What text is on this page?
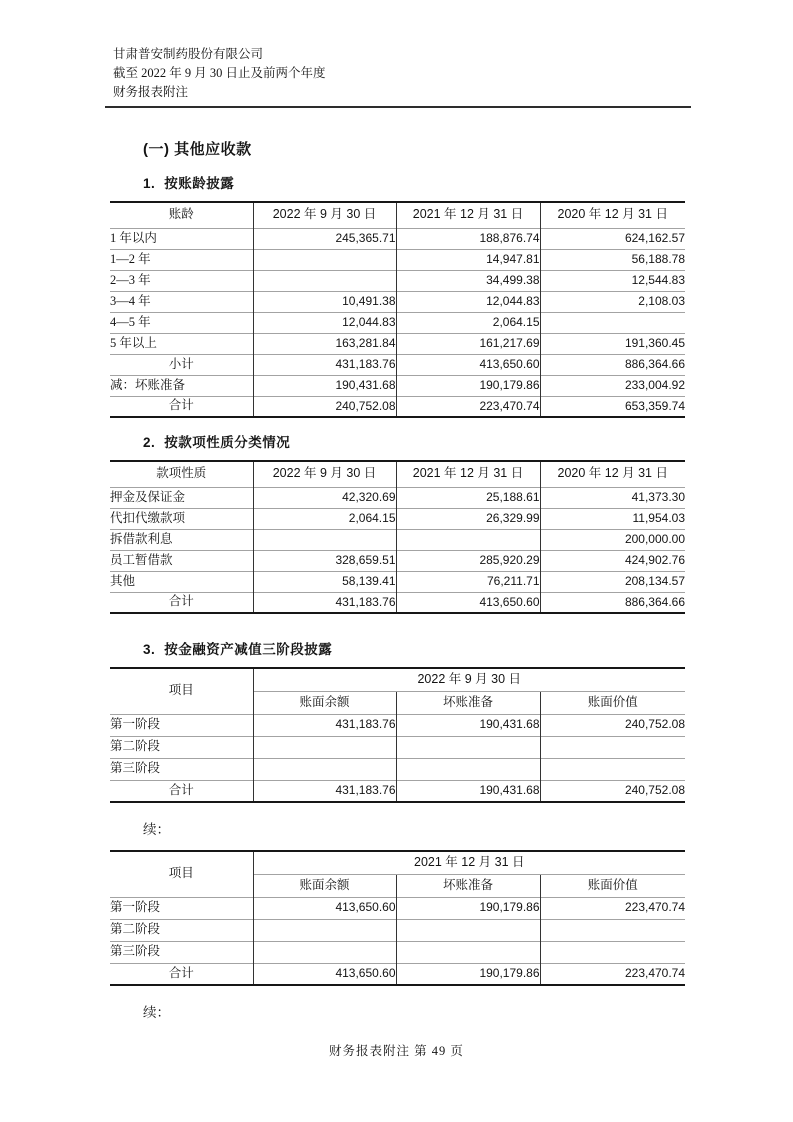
甘肃普安制药股份有限公司
截至 2022 年 9 月 30 日止及前两个年度
财务报表附注
(一) 其他应收款
1. 按账龄披露
账龄	2022 年 9 月 30 日	2021 年 12 月 31 日	2020 年 12 月 31 日
1 年以内	245,365.71	188,876.74	624,162.57
1—2 年		14,947.81	56,188.78
2—3 年		34,499.38	12,544.83
3—4 年	10,491.38	12,044.83	2,108.03
4—5 年	12,044.83	2,064.15	
5 年以上	163,281.84	161,217.69	191,360.45
小计	431,183.76	413,650.60	886,364.66
减：坏账准备	190,431.68	190,179.86	233,004.92
合计	240,752.08	223,470.74	653,359.74
2. 按款项性质分类情况
款项性质	2022 年 9 月 30 日	2021 年 12 月 31 日	2020 年 12 月 31 日
押金及保证金	42,320.69	25,188.61	41,373.30
代扣代缴款项	2,064.15	26,329.99	11,954.03
拆借款利息			200,000.00
员工暂借款	328,659.51	285,920.29	424,902.76
其他	58,139.41	76,211.71	208,134.57
合计	431,183.76	413,650.60	886,364.66
3. 按金融资产减值三阶段披露
项目	2022 年 9 月 30 日		
	账面余额	坏账准备	账面价值
第一阶段	431,183.76	190,431.68	240,752.08
第二阶段			
第三阶段			
合计	431,183.76	190,431.68	240,752.08
续：
项目	2021 年 12 月 31 日		
	账面余额	坏账准备	账面价值
第一阶段	413,650.60	190,179.86	223,470.74
第二阶段			
第三阶段			
合计	413,650.60	190,179.86	223,470.74
续：
财务报表附注 第 49 页
